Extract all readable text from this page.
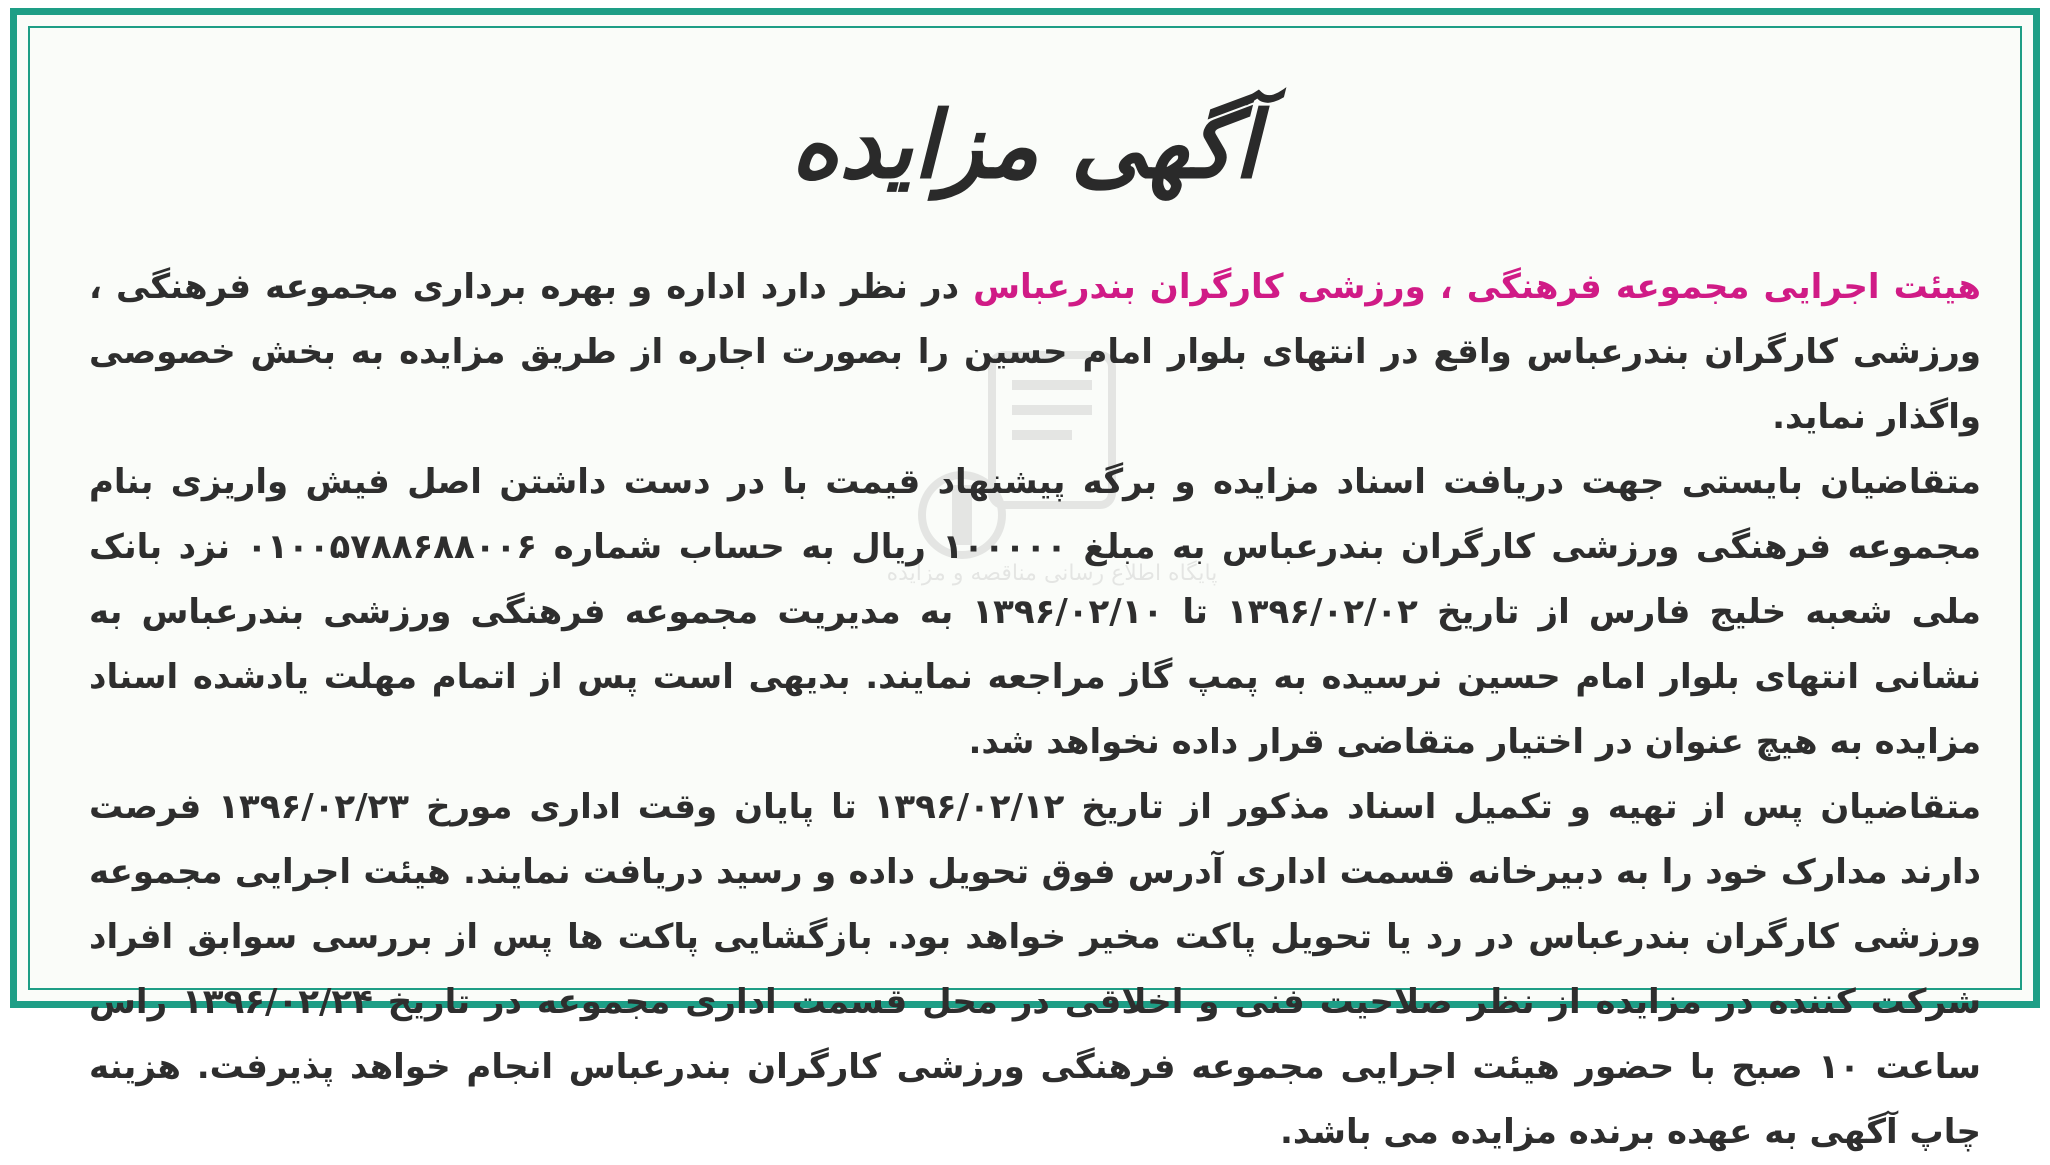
پایگاه اطلاع رسانی مناقصه و مزایده
آگهی مزایده

هیئت اجرایی مجموعه فرهنگی ، ورزشی کارگران بندرعباس در نظر دارد اداره و بهره برداری مجموعه فرهنگی ، ورزشی کارگران بندرعباس واقع در انتهای بلوار امام حسین را بصورت اجاره از طریق مزایده به بخش خصوصی واگذار نماید.

متقاضیان بایستی جهت دریافت اسناد مزایده و برگه پیشنهاد قیمت با در دست داشتن اصل فیش واریزی بنام مجموعه فرهنگی ورزشی کارگران بندرعباس به مبلغ ۱۰۰۰۰۰ ریال به حساب شماره ۰۱۰۰۵۷۸۸۶۸۸۰۰۶ نزد بانک ملی شعبه خلیج فارس از تاریخ ۱۳۹۶/۰۲/۰۲ تا ۱۳۹۶/۰۲/۱۰ به مدیریت مجموعه فرهنگی ورزشی بندرعباس به نشانی انتهای بلوار امام حسین نرسیده به پمپ گاز مراجعه نمایند. بدیهی است پس از اتمام مهلت یادشده اسناد مزایده به هیچ عنوان در اختیار متقاضی قرار داده نخواهد شد.

متقاضیان پس از تهیه و تکمیل اسناد مذکور از تاریخ ۱۳۹۶/۰۲/۱۲ تا پایان وقت اداری مورخ ۱۳۹۶/۰۲/۲۳ فرصت دارند مدارک خود را به دبیرخانه قسمت اداری آدرس فوق تحویل داده و رسید دریافت نمایند. هیئت اجرایی مجموعه ورزشی کارگران بندرعباس در رد یا تحویل پاکت مخیر خواهد بود. بازگشایی پاکت ها پس از بررسی سوابق افراد شرکت کننده در مزایده از نظر صلاحیت فنی و اخلاقی در محل قسمت اداری مجموعه در تاریخ ۱۳۹۶/۰۲/۲۴ راس ساعت ۱۰ صبح با حضور هیئت اجرایی مجموعه فرهنگی ورزشی کارگران بندرعباس انجام خواهد پذیرفت. هزینه چاپ آگهی به عهده برنده مزایده می باشد.
